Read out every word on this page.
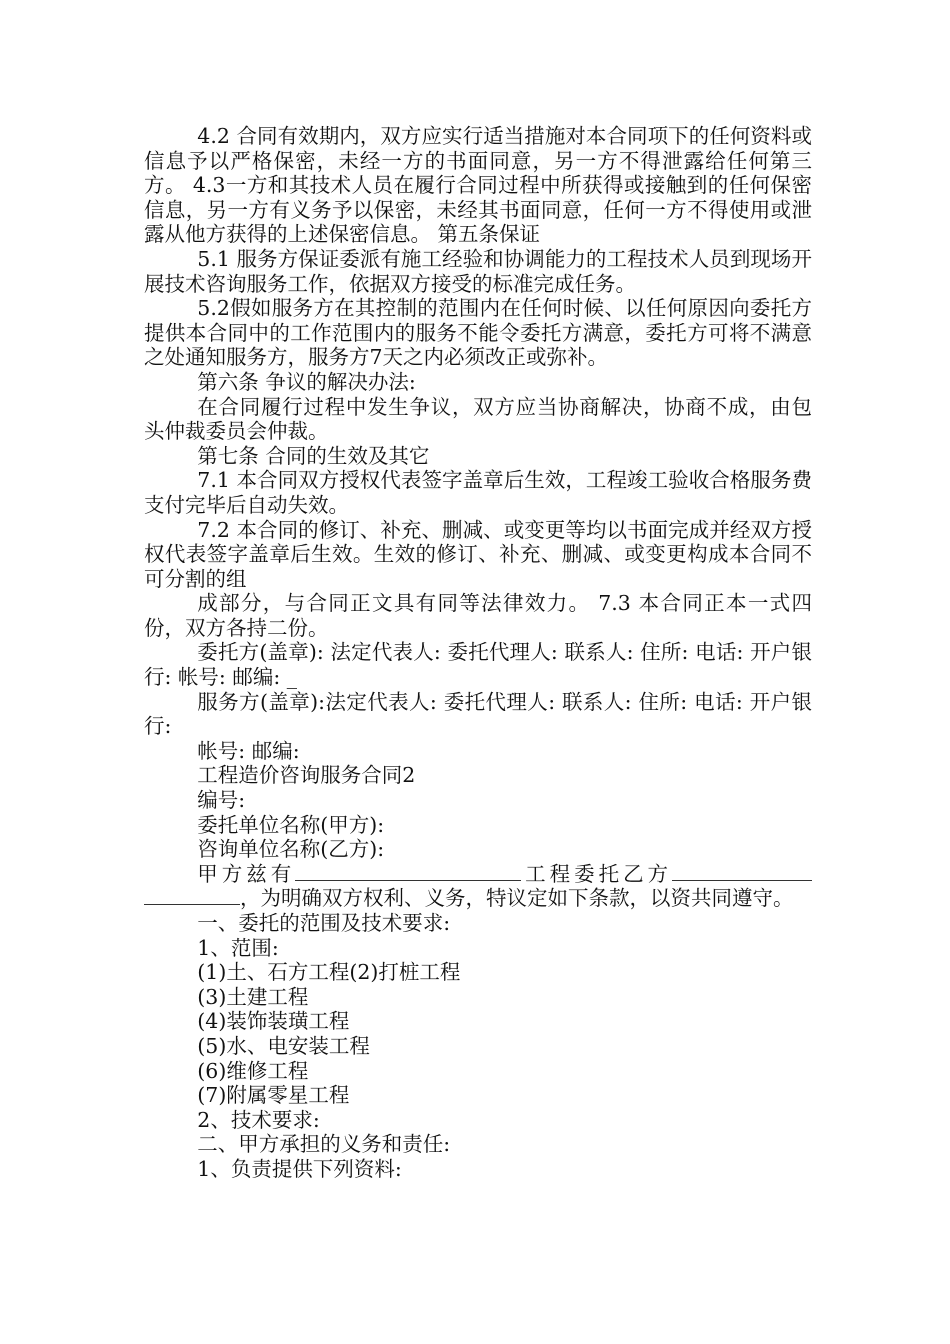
4.2 合同有效期内，双方应实行适当措施对本合同项下的任何资料或信息予以严格保密，未经一方的书面同意，另一方不得泄露给任何第三方。 4.3一方和其技术人员在履行合同过程中所获得或接触到的任何保密信息，另一方有义务予以保密，未经其书面同意，任何一方不得使用或泄露从他方获得的上述保密信息。 第五条保证

5.1 服务方保证委派有施工经验和协调能力的工程技术人员到现场开展技术咨询服务工作，依据双方接受的标准完成任务。

5.2假如服务方在其控制的范围内在任何时候、以任何原因向委托方提供本合同中的工作范围内的服务不能令委托方满意，委托方可将不满意之处通知服务方，服务方7天之内必须改正或弥补。

第六条 争议的解决办法:

在合同履行过程中发生争议，双方应当协商解决，协商不成，由包头仲裁委员会仲裁。

第七条 合同的生效及其它

7.1 本合同双方授权代表签字盖章后生效，工程竣工验收合格服务费支付完毕后自动失效。

7.2 本合同的修订、补充、删减、或变更等均以书面完成并经双方授权代表签字盖章后生效。生效的修订、补充、删减、或变更构成本合同不可分割的组

成部分，与合同正文具有同等法律效力。 7.3 本合同正本一式四份，双方各持二份。

委托方(盖章): 法定代表人: 委托代理人: 联系人: 住所: 电话: 开户银行: 帐号: 邮编: _

服务方(盖章):法定代表人: 委托代理人: 联系人: 住所: 电话: 开户银行:

帐号: 邮编:

工程造价咨询服务合同2

编号:

委托单位名称(甲方):

咨询单位名称(乙方):

甲方兹有	工程委托乙方，为明确双方权利、义务，特议定如下条款，以资共同遵守。

一、委托的范围及技术要求:

1、范围:

(1)土、石方工程(2)打桩工程

(3)土建工程

(4)装饰装璜工程

(5)水、电安装工程

(6)维修工程

(7)附属零星工程

2、技术要求:

二、甲方承担的义务和责任:

1、负责提供下列资料:
